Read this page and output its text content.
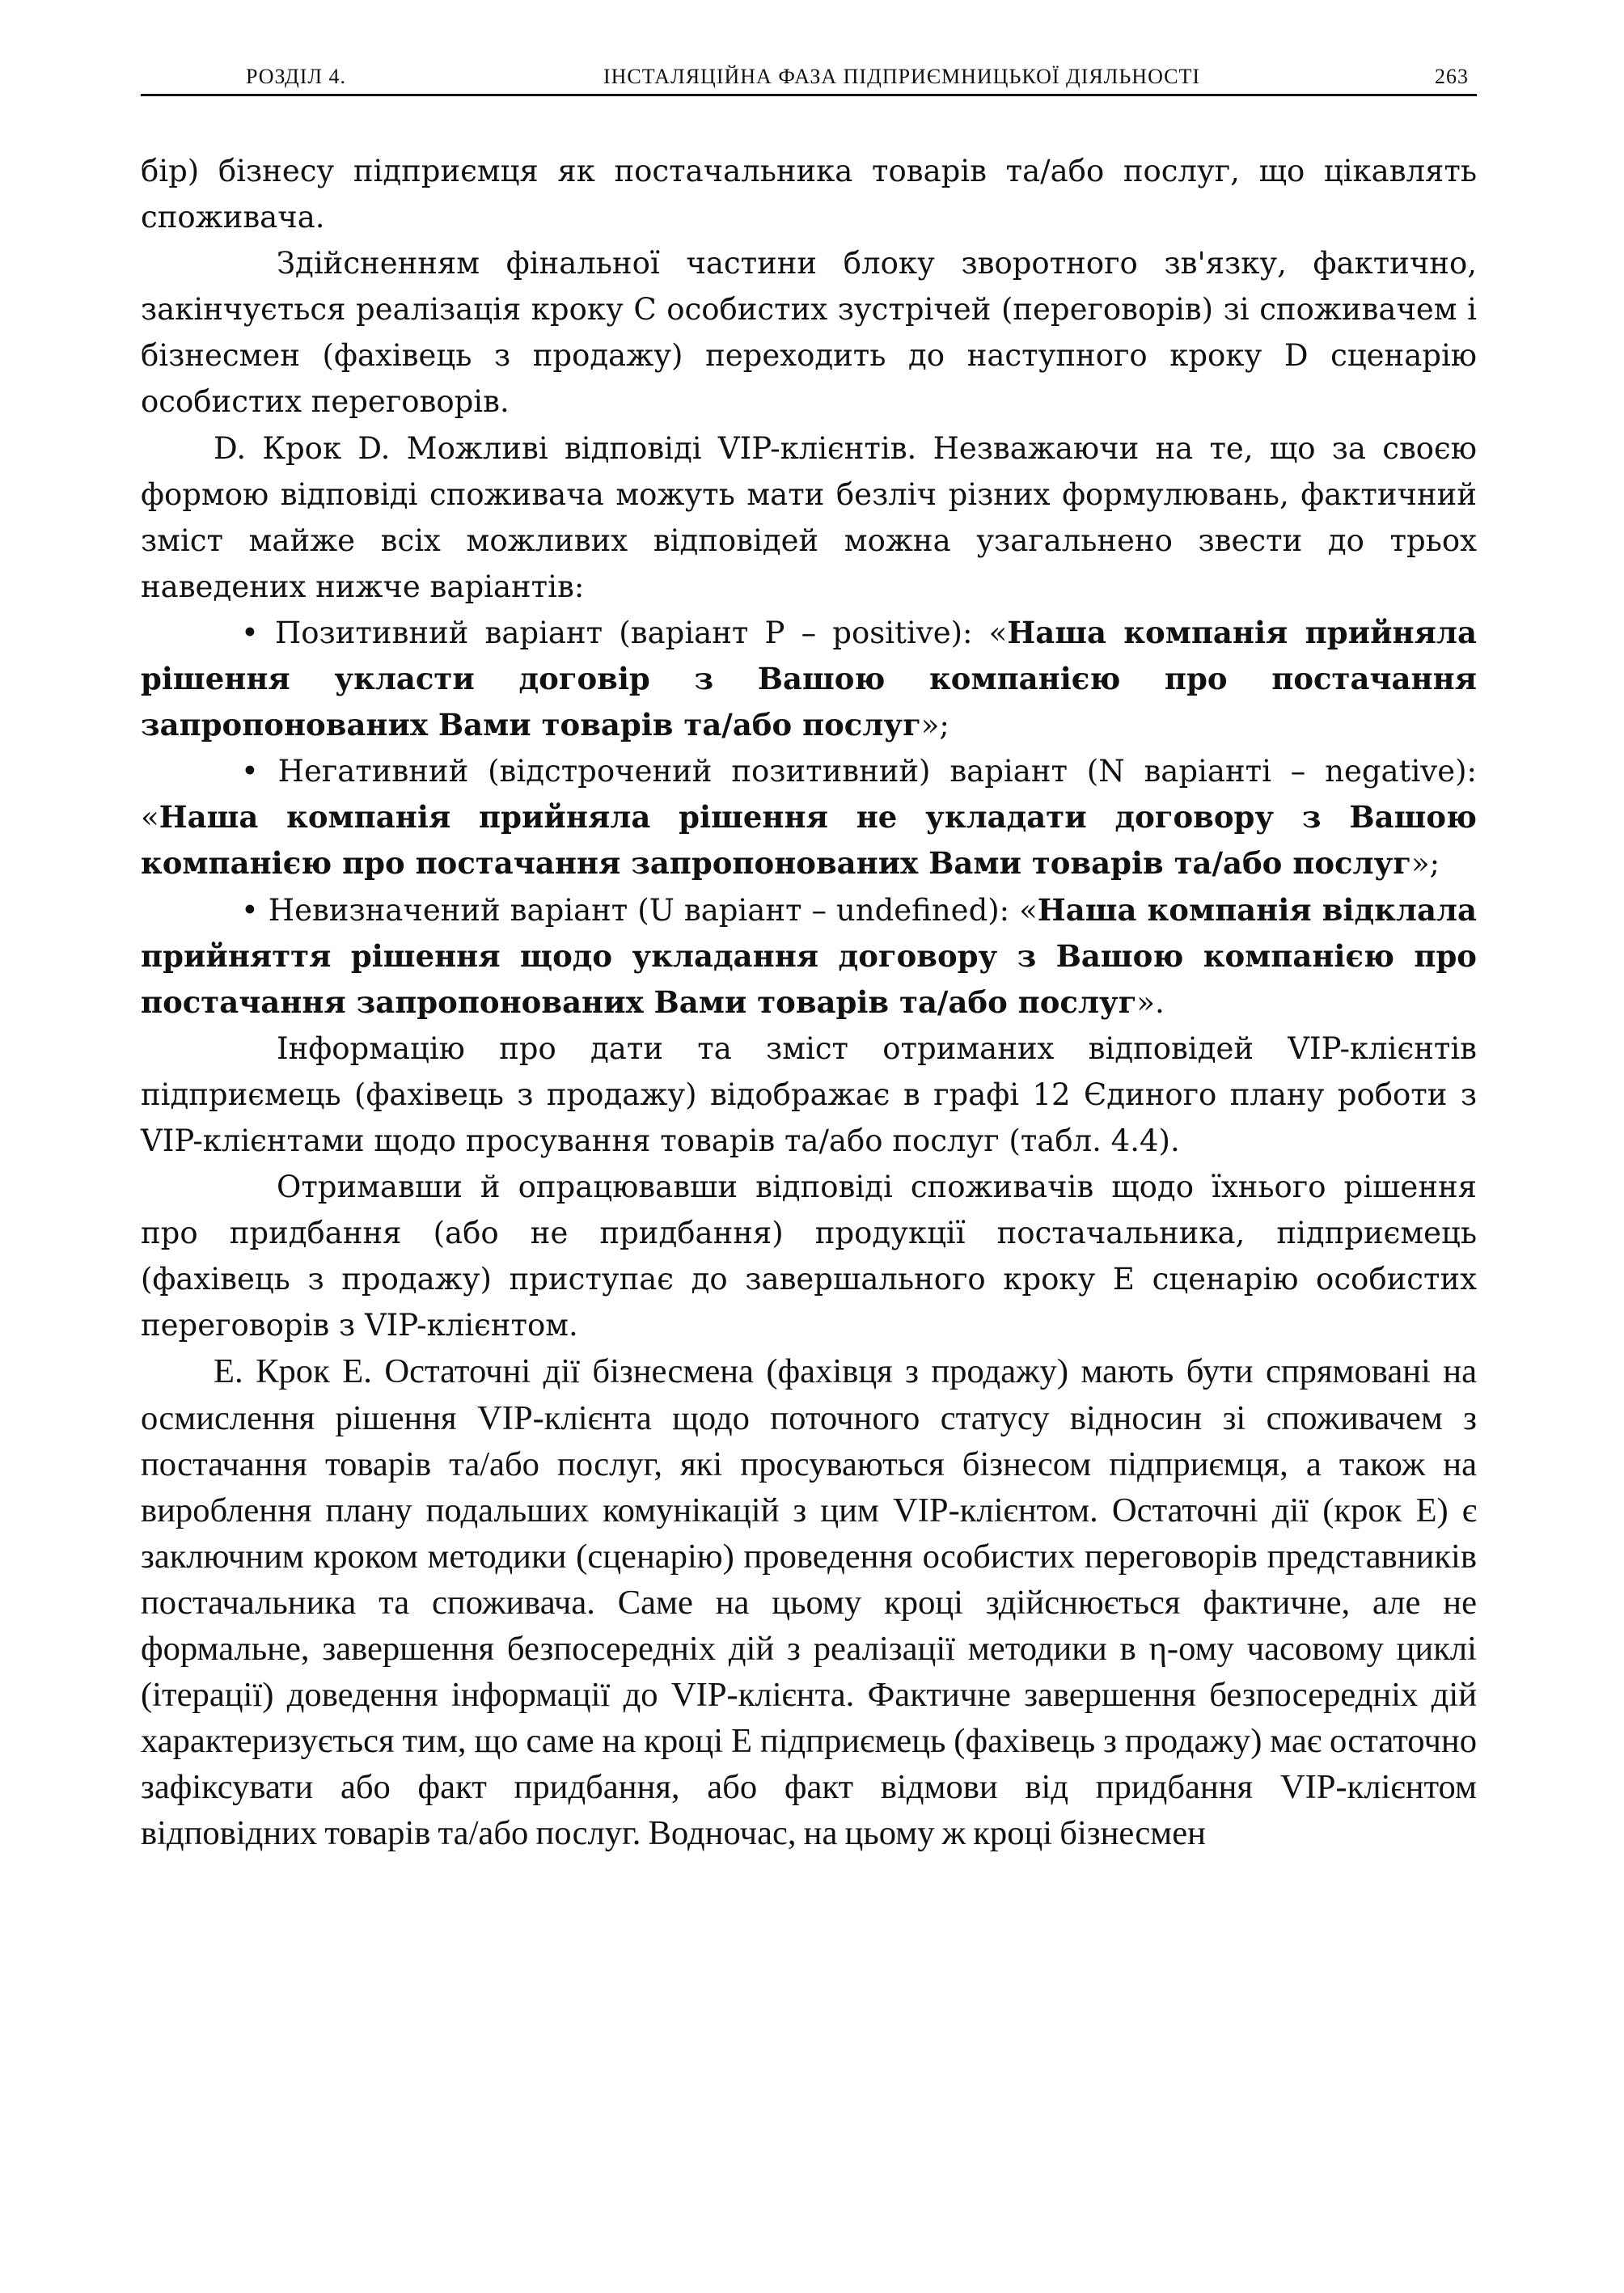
РОЗДІЛ 4.	ІНСТАЛЯЦІЙНА ФАЗА ПІДПРИЄМНИЦЬКОЇ ДІЯЛЬНОСТІ	263

бір) бізнесу підприємця як постачальника товарів та/або послуг, що цікавлять споживача.

Здійсненням фінальної частини блоку зворотного зв'язку, фактично, закінчується реалізація кроку С особистих зустрічей (переговорів) зі споживачем і бізнесмен (фахівець з продажу) переходить до наступного кроку D сценарію особистих переговорів.

D. Крок D. Можливі відповіді VIP-клієнтів. Незважаючи на те, що за своєю формою відповіді споживача можуть мати безліч різних формулювань, фактичний зміст майже всіх можливих відповідей можна узагальнено звести до трьох наведених нижче варіантів:

• Позитивний варіант (варіант Р – positive): «Наша компанія прийняла рішення укласти договір з Вашою компанією про постачання запропонованих Вами товарів та/або послуг»;

• Негативний (відстрочений позитивний) варіант (N варіанті – negative): «Наша компанія прийняла рішення не укладати договору з Вашою компанією про постачання запропонованих Вами товарів та/або послуг»;

• Невизначений варіант (U варіант – undefined): «Наша компанія відклала прийняття рішення щодо укладання договору з Вашою компанією про постачання запропонованих Вами товарів та/або послуг».

Інформацію про дати та зміст отриманих відповідей VIP-клієнтів підприємець (фахівець з продажу) відображає в графі 12 Єдиного плану роботи з VIP-клієнтами щодо просування товарів та/або послуг (табл. 4.4).

Отримавши й опрацювавши відповіді споживачів щодо їхнього рішення про придбання (або не придбання) продукції постачальника, підприємець (фахівець з продажу) приступає до завершального кроку Е сценарію особистих переговорів з VIP-клієнтом.

Е. Крок Е. Остаточні дії бізнесмена (фахівця з продажу) мають бути спрямовані на осмислення рішення VIP-клієнта щодо поточного статусу відносин зі споживачем з постачання товарів та/або послуг, які просуваються бізнесом підприємця, а також на вироблення плану подальших комунікацій з цим VIP-клієнтом. Остаточні дії (крок Е) є заключним кроком методики (сценарію) проведення особистих переговорів представників постачальника та споживача. Саме на цьому кроці здійснюється фактичне, але не формальне, завершення безпосередніх дій з реалізації методики в η-ому часовому циклі (ітерації) доведення інформації до VIP-клієнта. Фактичне завершення безпосередніх дій характеризується тим, що саме на кроці Е підприємець (фахівець з продажу) має остаточно зафіксувати або факт придбання, або факт відмови від придбання VIP-клієнтом відповідних товарів та/або послуг. Водночас, на цьому ж кроці бізнесмен
